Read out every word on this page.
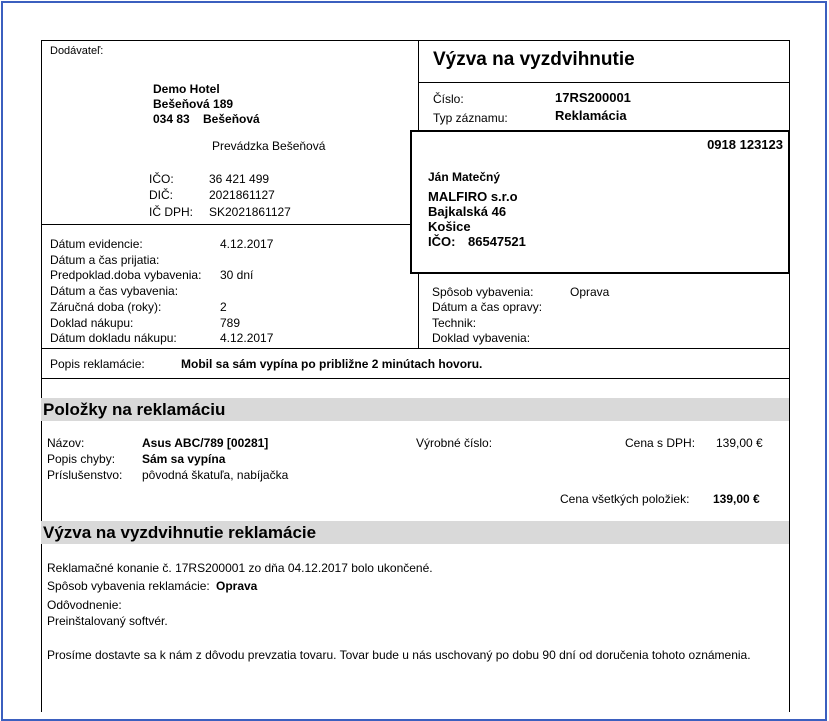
Dodávateľ:
Demo Hotel
Bešeňová 189
034 83 Bešeňová
Prevádzka Bešeňová
IČO:	36 421 499
DIČ:	2021861127
IČ DPH: SK2021861127
Výzva na vyzdvihnutie
Číslo:	17RS200001
Typ záznamu:	Reklamácia
0918 123123
Ján Matečný
MALFIRO s.r.o
Bajkalská 46
Košice
IČO: 86547521
Dátum evidencie:	4.12.2017
Dátum a čas prijatia:
Predpoklad.doba vybavenia: 30 dní
Dátum a čas vybavenia:
Záručná doba (roky):	2
Doklad nákupu:	789
Dátum dokladu nákupu:	4.12.2017
Spôsob vybavenia:	Oprava
Dátum a čas opravy:
Technik:
Doklad vybavenia:
Popis reklamácie:	Mobil sa sám vypína po približne 2 minútach hovoru.
Položky na reklamáciu
Názov:	Asus ABC/789 [00281]
Popis chyby: Sám sa vypína
Príslušenstvo: pôvodná škatuľa, nabíjačka
Výrobné číslo:	Cena s DPH: 139,00 €
Cena všetkých položiek: 139,00 €
Výzva na vyzdvihnutie reklamácie
Reklamačné konanie č. 17RS200001 zo dňa 04.12.2017 bolo ukončené.
Spôsob vybavenia reklamácie: Oprava
Odôvodnenie:
Preinštalovaný softvér.
Prosíme dostavte sa k nám z dôvodu prevzatia tovaru. Tovar bude u nás uschovaný po dobu 90 dní od doručenia tohoto oznámenia.
